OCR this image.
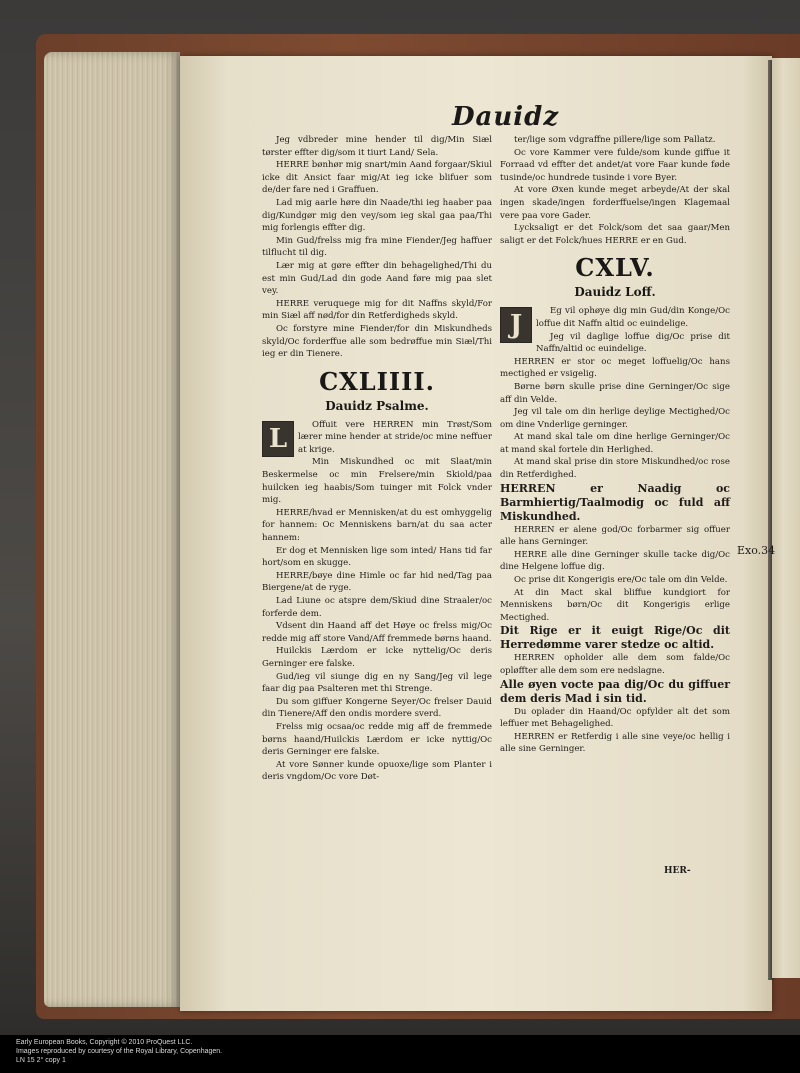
Dauidz

Jeg vdbreder mine hender til dig/Min Siæl tørster effter dig/som it tiurt Land/ Sela.

HERRE bønhør mig snart/min Aand forgaar/Skiul icke dit Ansict faar mig/At ieg icke blifuer som de/der fare ned i Graffuen.

Lad mig aarle høre din Naade/thi ieg haaber paa dig/Kundgør mig den vey/som ieg skal gaa paa/Thi mig forlengis effter dig.

Min Gud/frelss mig fra mine Fiender/Jeg haffuer tilflucht til dig.

Lær mig at gøre effter din behagelighed/Thi du est min Gud/Lad din gode Aand føre mig paa slet vey.

HERRE veruquege mig for dit Naffns skyld/For min Siæl aff nød/for din Retferdigheds skyld.

Oc forstyre mine Fiender/for din Miskundheds skyld/Oc forderffue alle som bedrøffue min Siæl/Thi ieg er din Tienere.

CXLIIII.
Dauidz Psalme.
L	Offuit vere HERREN min Trøst/Som lærer mine hender at stride/oc mine neffuer at krige.

Min Miskundhed oc mit Slaat/min Beskermelse oc min Frelsere/min Skiold/paa huilcken ieg haabis/Som tuinger mit Folck vnder mig.

HERRE/hvad er Mennisken/at du est omhyggelig for hannem: Oc Menniskens barn/at du saa acter hannem:

Er dog et Mennisken lige som inted/ Hans tid far hort/som en skugge.

HERRE/bøye dine Himle oc far hid ned/Tag paa Biergene/at de ryge.

Lad Liune oc atspre dem/Skiud dine Straaler/oc forferde dem.

Vdsent din Haand aff det Høye oc frelss mig/Oc redde mig aff store Vand/Aff fremmede børns haand.

Huilckis Lærdom er icke nyttelig/Oc deris Gerninger ere falske.

Gud/ieg vil siunge dig en ny Sang/Jeg vil lege faar dig paa Psalteren met thi Strenge.

Du som giffuer Kongerne Seyer/Oc frelser Dauid din Tienere/Aff den ondis mordere sverd.

Frelss mig ocsaa/oc redde mig aff de fremmede børns haand/Huilckis Lærdom er icke nyttig/Oc deris Gerninger ere falske.

At vore Sønner kunde opuoxe/lige som Planter i deris vngdom/Oc vore Døt-

ter/lige som vdgraffne pillere/lige som Pallatz.

Oc vore Kammer vere fulde/som kunde giffue it Forraad vd effter det andet/at vore Faar kunde føde tusinde/oc hundrede tusinde i vore Byer.

At vore Øxen kunde meget arbeyde/At der skal ingen skade/ingen forderffuelse/ingen Klagemaal vere paa vore Gader.

Lycksaligt er det Folck/som det saa gaar/Men saligt er det Folck/hues HERRE er en Gud.

CXLV.
Dauidz Loff.
J	Eg vil ophøye dig min Gud/din Konge/Oc loffue dit Naffn altid oc euindelige.

Jeg vil daglige loffue dig/Oc prise dit Naffn/altid oc euindelige.

HERREN er stor oc meget loffuelig/Oc hans mectighed er vsigelig.

Børne børn skulle prise dine Gerninger/Oc sige aff din Velde.

Jeg vil tale om din herlige deylige Mectighed/Oc om dine Vnderlige gerninger.

At mand skal tale om dine herlige Gerninger/Oc at mand skal fortele din Herlighed.

At mand skal prise din store Miskundhed/oc rose din Retferdighed.

HERREN er Naadig oc Barmhiertig/Taalmodig oc fuld aff Miskundhed.

HERREN er alene god/Oc forbarmer sig offuer alle hans Gerninger.

HERRE alle dine Gerninger skulle tacke dig/Oc dine Helgene loffue dig.

Oc prise dit Kongerigis ere/Oc tale om din Velde.

At din Mact skal bliffue kundgiort for Menniskens børn/Oc dit Kongerigis erlige Mectighed.

Dit Rige er it euigt Rige/Oc dit Herredømme varer stedze oc altid.

HERREN opholder alle dem som falde/Oc opløffter alle dem som ere nedslagne.

Alle øyen vocte paa dig/Oc du giffuer dem deris Mad i sin tid.

Du oplader din Haand/Oc opfylder alt det som leffuer met Behagelighed.

HERREN er Retferdig i alle sine veye/oc hellig i alle sine Gerninger.

Exo.34
HER-

Early European Books, Copyright © 2010 ProQuest LLC.

Images reproduced by courtesy of the Royal Library, Copenhagen.

LN 15 2° copy 1
